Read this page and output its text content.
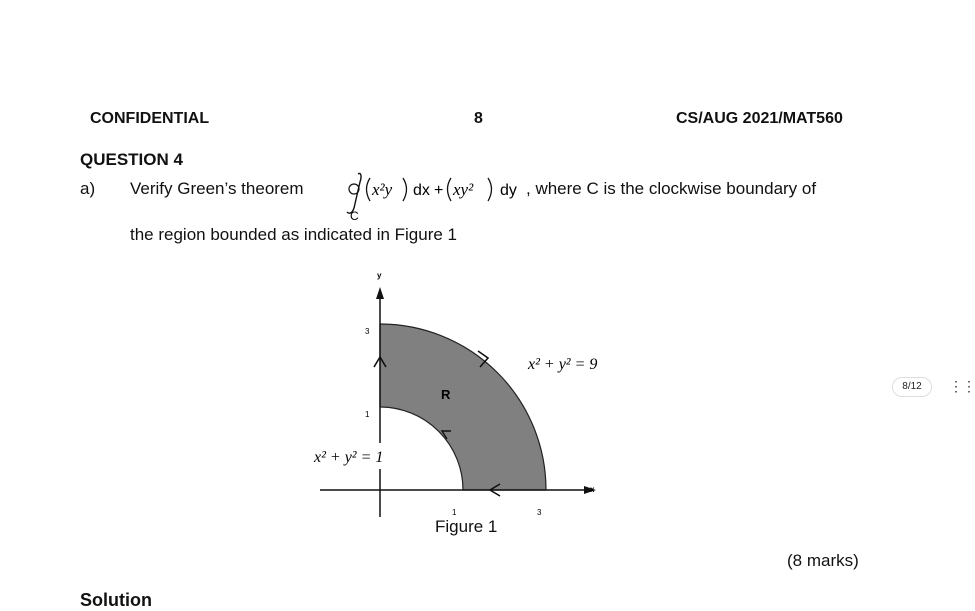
CONFIDENTIAL	8	CS/AUG 2021/MAT560
QUESTION 4
a) Verify Green’s theorem
C
x²y dx + xy² dy , where C is the clockwise boundary of
the region bounded as indicated in Figure 1
x
y
1	3
1
3
R
x² + y² = 9
x² + y² = 1
Figure 1
(8 marks)
8/12	⋮⋮
Solution
